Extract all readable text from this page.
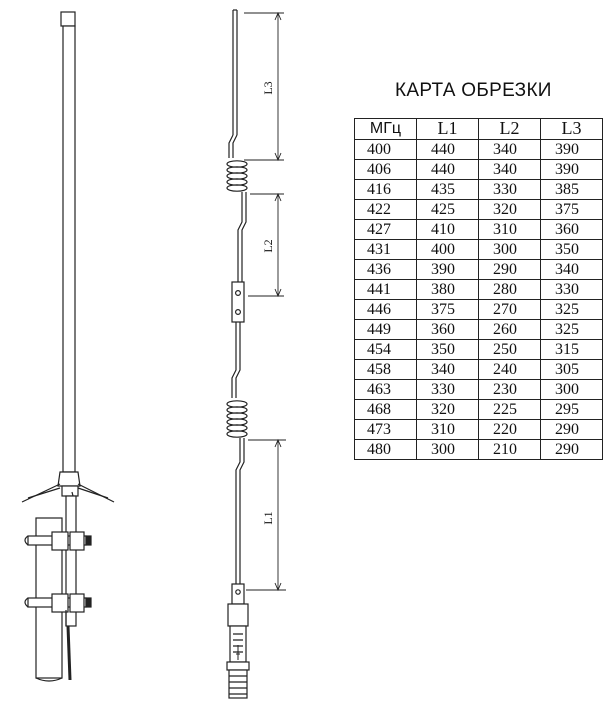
L3
L2
L1
КАРТА ОБРЕЗКИ
МГц	L1	L2	L3
400	440	340	390
406	440	340	390
416	435	330	385
422	425	320	375
427	410	310	360
431	400	300	350
436	390	290	340
441	380	280	330
446	375	270	325
449	360	260	325
454	350	250	315
458	340	240	305
463	330	230	300
468	320	225	295
473	310	220	290
480	300	210	290
